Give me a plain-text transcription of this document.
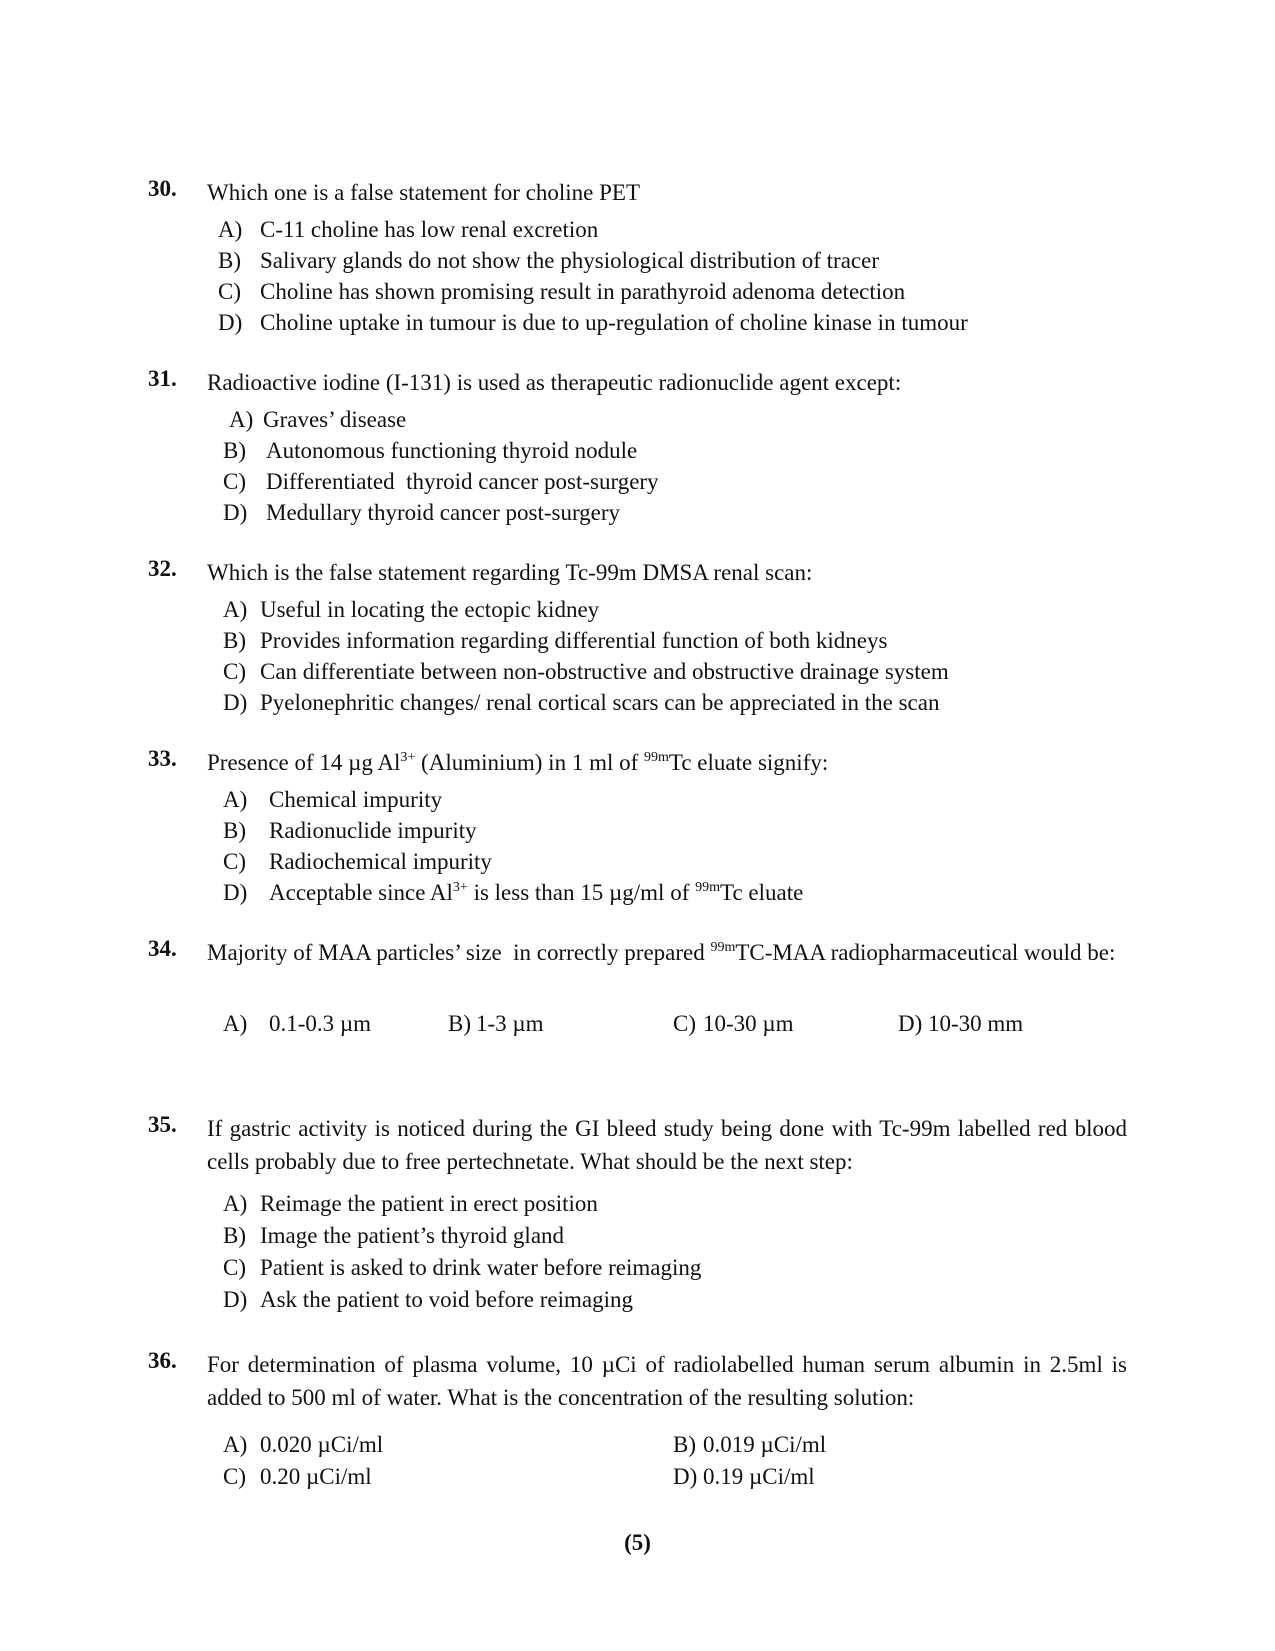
30. Which one is a false statement for choline PET
A) C-11 choline has low renal excretion
B) Salivary glands do not show the physiological distribution of tracer
C) Choline has shown promising result in parathyroid adenoma detection
D) Choline uptake in tumour is due to up-regulation of choline kinase in tumour
31. Radioactive iodine (I-131) is used as therapeutic radionuclide agent except:
A) Graves’ disease
B) Autonomous functioning thyroid nodule
C) Differentiated  thyroid cancer post-surgery
D) Medullary thyroid cancer post-surgery
32. Which is the false statement regarding Tc-99m DMSA renal scan:
A) Useful in locating the ectopic kidney
B) Provides information regarding differential function of both kidneys
C) Can differentiate between non-obstructive and obstructive drainage system
D) Pyelonephritic changes/ renal cortical scars can be appreciated in the scan
33. Presence of 14 µg $Al^{3+}$ (Aluminium) in 1 ml of $^{99m}$Tc eluate signify:
A) Chemical impurity
B) Radionuclide impurity
C) Radiochemical impurity
D) Acceptable since $Al^{3+}$ is less than 15 µg/ml of $^{99m}$Tc eluate
34. Majority of MAA particles’ size  in correctly prepared $^{99m}$TC-MAA radiopharmaceutical would be:
A) 0.1-0.3 µm	B) 1-3 µm	C) 10-30 µm	D) 10-30 mm
35. If gastric activity is noticed during the GI bleed study being done with Tc-99m labelled red blood cells probably due to free pertechnetate. What should be the next step:
A) Reimage the patient in erect position
B) Image the patient’s thyroid gland
C) Patient is asked to drink water before reimaging
D) Ask the patient to void before reimaging
36. For determination of plasma volume, 10 µCi of radiolabelled human serum albumin in 2.5ml is added to 500 ml of water. What is the concentration of the resulting solution:
A) 0.020 µCi/ml	B) 0.019 µCi/ml
C) 0.20 µCi/ml	D) 0.19 µCi/ml
(5)
